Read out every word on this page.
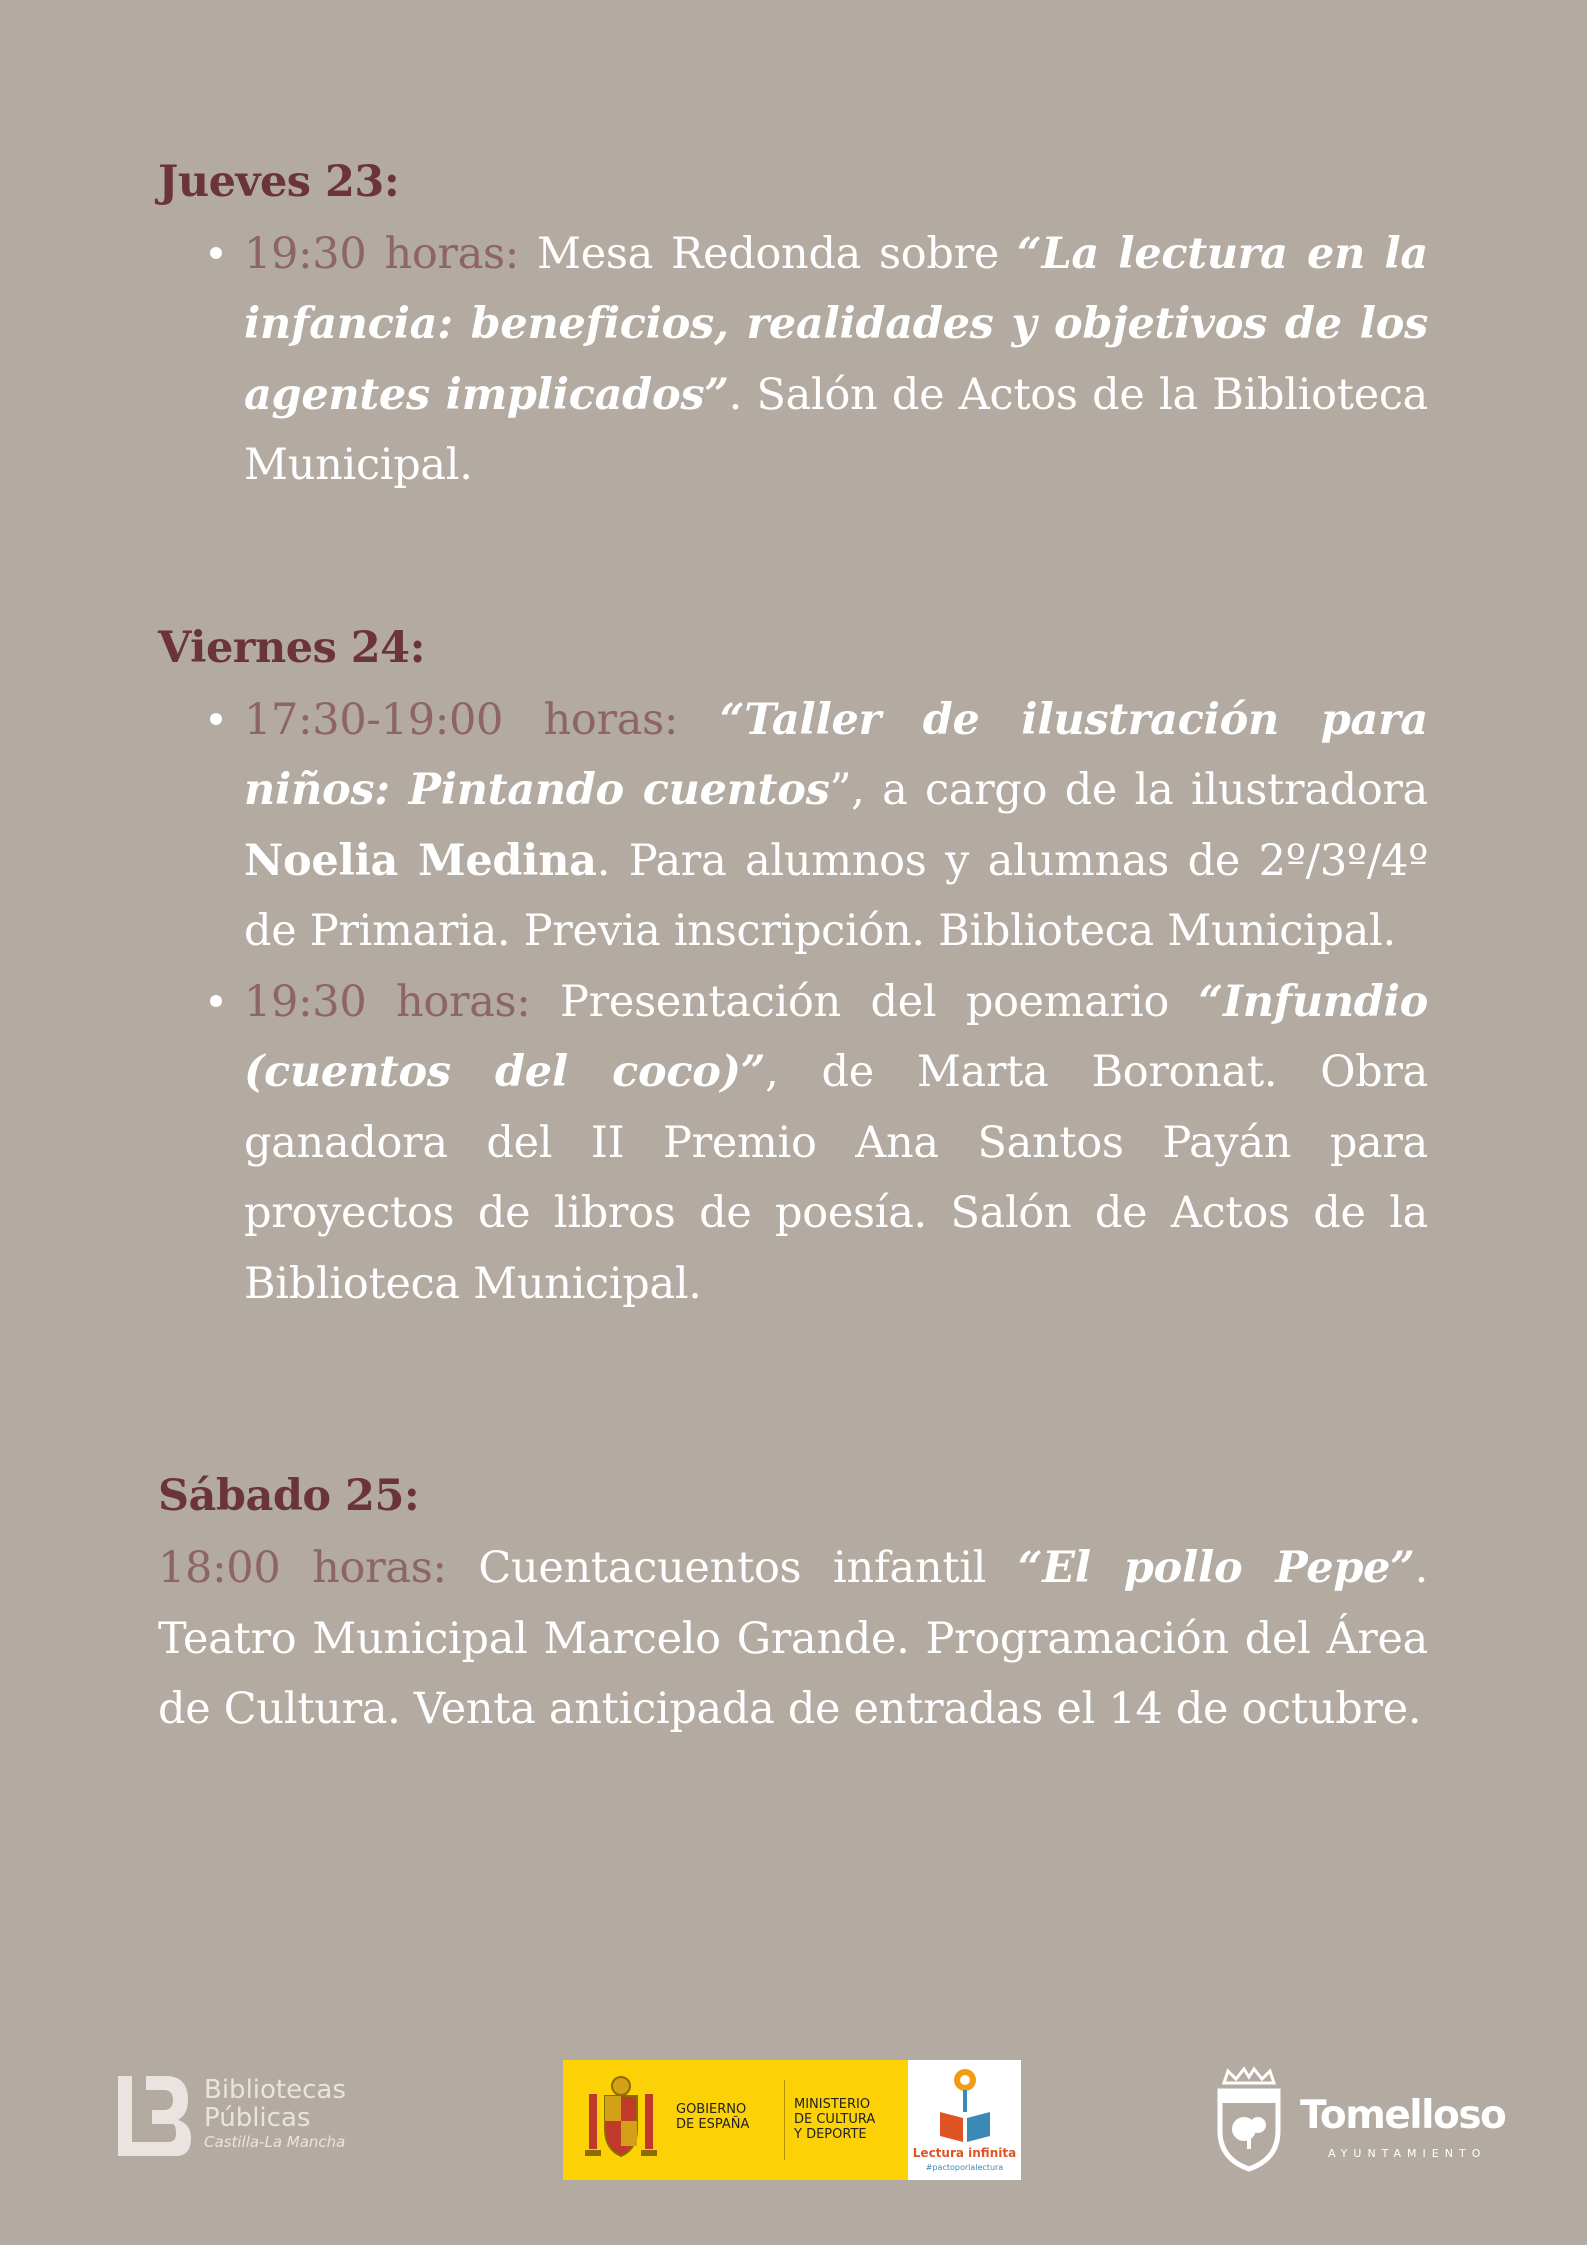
Jueves 23:
19:30 horas: Mesa Redonda sobre “La lectura en la infancia: beneficios, realidades y objetivos de los agentes implicados”. Salón de Actos de la Biblioteca Municipal.
Viernes 24:
17:30-19:00 horas: “Taller de ilustración para niños: Pintando cuentos”, a cargo de la ilustradora Noelia Medina. Para alumnos y alumnas de 2º/3º/4º de Primaria. Previa inscripción. Biblioteca Municipal.
19:30 horas: Presentación del poemario “Infundio (cuentos del coco)”, de Marta Boronat. Obra ganadora del II Premio Ana Santos Payán para proyectos de libros de poesía. Salón de Actos de la Biblioteca Municipal.
Sábado 25:

18:00 horas: Cuentacuentos infantil “El pollo Pepe”. Teatro Municipal Marcelo Grande. Programación del Área de Cultura. Venta anticipada de entradas el 14 de octubre.

Bibliotecas
Públicas
Castilla-La Mancha
GOBIERNO
DE ESPAÑA
MINISTERIO
DE CULTURA
Y DEPORTE
Lectura infinita
#pactoporlalectura
Tomelloso
AYUNTAMIENTO
